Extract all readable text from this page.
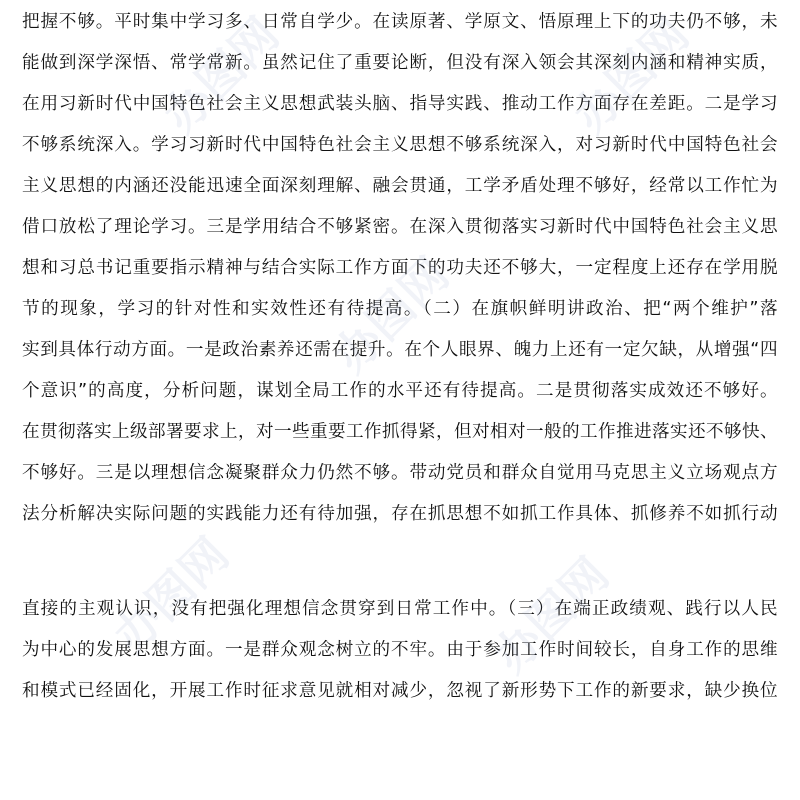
把握不够。平时集中学习多、日常自学少。在读原著、学原文、悟原理上下的功夫仍不够，未
能做到深学深悟、常学常新。虽然记住了重要论断，但没有深入领会其深刻内涵和精神实质，
在用习新时代中国特色社会主义思想武装头脑、指导实践、推动工作方面存在差距。二是学习
不够系统深入。学习习新时代中国特色社会主义思想不够系统深入，对习新时代中国特色社会
主义思想的内涵还没能迅速全面深刻理解、融会贯通，工学矛盾处理不够好，经常以工作忙为
借口放松了理论学习。三是学用结合不够紧密。在深入贯彻落实习新时代中国特色社会主义思
想和习总书记重要指示精神与结合实际工作方面下的功夫还不够大，一定程度上还存在学用脱
节的现象，学习的针对性和实效性还有待提高。（二）在旗帜鲜明讲政治、把“两个维护”落
实到具体行动方面。一是政治素养还需在提升。在个人眼界、魄力上还有一定欠缺，从增强“四
个意识”的高度，分析问题，谋划全局工作的水平还有待提高。二是贯彻落实成效还不够好。
在贯彻落实上级部署要求上，对一些重要工作抓得紧，但对相对一般的工作推进落实还不够快、
不够好。三是以理想信念凝聚群众力仍然不够。带动党员和群众自觉用马克思主义立场观点方
法分析解决实际问题的实践能力还有待加强，存在抓思想不如抓工作具体、抓修养不如抓行动
直接的主观认识，没有把强化理想信念贯穿到日常工作中。（三）在端正政绩观、践行以人民
为中心的发展思想方面。一是群众观念树立的不牢。由于参加工作时间较长，自身工作的思维
和模式已经固化，开展工作时征求意见就相对减少，忽视了新形势下工作的新要求，缺少换位
办图网	办图网
办图网
办图网	办图网
